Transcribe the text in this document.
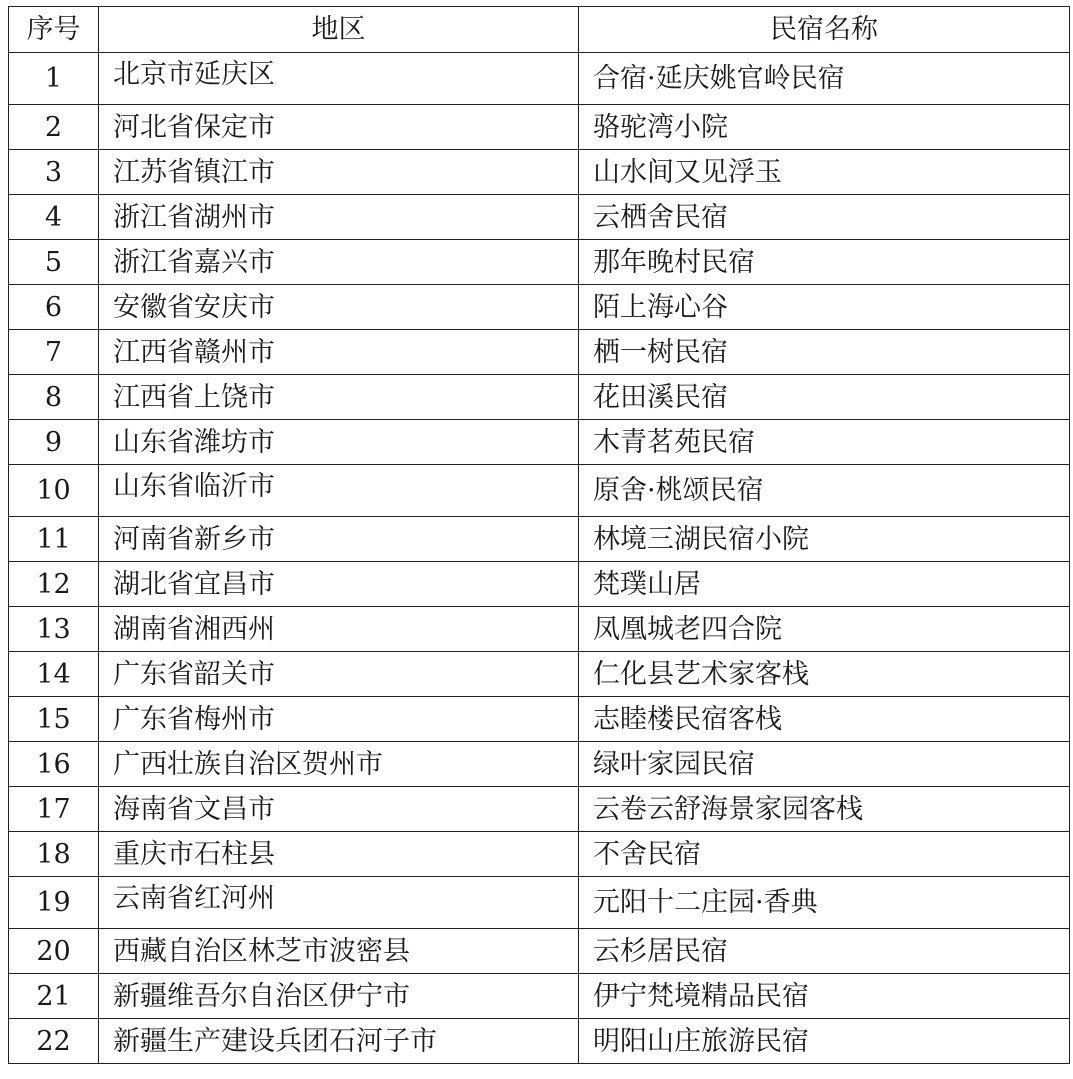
序号	地区	民宿名称
1	北京市延庆区	合宿·延庆姚官岭民宿
2	河北省保定市	骆驼湾小院
3	江苏省镇江市	山水间又见浮玉
4	浙江省湖州市	云栖舍民宿
5	浙江省嘉兴市	那年晚村民宿
6	安徽省安庆市	陌上海心谷
7	江西省赣州市	栖一树民宿
8	江西省上饶市	花田溪民宿
9	山东省潍坊市	木青茗苑民宿
10	山东省临沂市	原舍·桃颂民宿
11	河南省新乡市	林境三湖民宿小院
12	湖北省宜昌市	梵璞山居
13	湖南省湘西州	凤凰城老四合院
14	广东省韶关市	仁化县艺术家客栈
15	广东省梅州市	志睦楼民宿客栈
16	广西壮族自治区贺州市	绿叶家园民宿
17	海南省文昌市	云卷云舒海景家园客栈
18	重庆市石柱县	不舍民宿
19	云南省红河州	元阳十二庄园·香典
20	西藏自治区林芝市波密县	云杉居民宿
21	新疆维吾尔自治区伊宁市	伊宁梵境精品民宿
22	新疆生产建设兵团石河子市	明阳山庄旅游民宿
